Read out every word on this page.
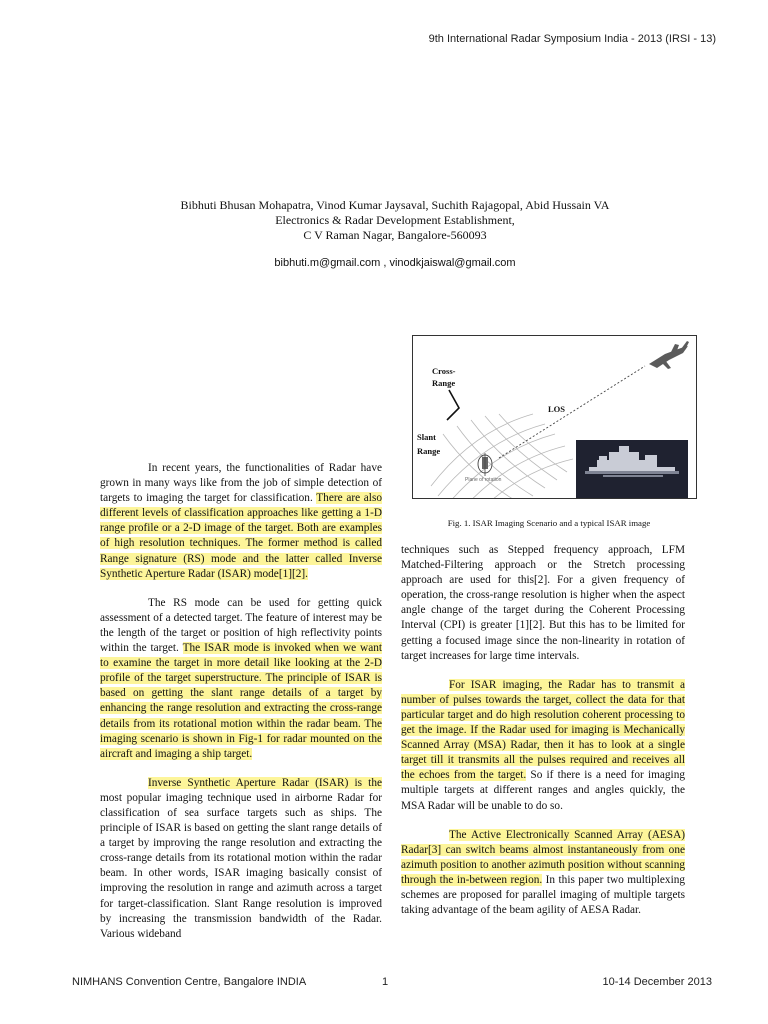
9th International Radar Symposium India - 2013 (IRSI - 13)
Bibhuti Bhusan Mohapatra, Vinod Kumar Jaysaval, Suchith Rajagopal, Abid Hussain VA
Electronics & Radar Development Establishment,
C V Raman Nagar, Bangalore-560093
bibhuti.m@gmail.com , vinodkjaiswal@gmail.com
Plane of rotation
Cross-
Range
LOS
Slant
Range
Fig. 1. ISAR Imaging Scenario and a typical ISAR image

In recent years, the functionalities of Radar have grown in many ways like from the job of simple detection of targets to imaging the target for classification. There are also different levels of classification approaches like getting a 1-D range profile or a 2-D image of the target. Both are examples of high resolution techniques. The former method is called Range signature (RS) mode and the latter called Inverse Synthetic Aperture Radar (ISAR) mode[1][2].

The RS mode can be used for getting quick assessment of a detected target. The feature of interest may be the length of the target or position of high reflectivity points within the target. The ISAR mode is invoked when we want to examine the target in more detail like looking at the 2-D profile of the target superstructure. The principle of ISAR is based on getting the slant range details of a target by enhancing the range resolution and extracting the cross-range details from its rotational motion within the radar beam. The imaging scenario is shown in Fig-1 for radar mounted on the aircraft and imaging a ship target.

Inverse Synthetic Aperture Radar (ISAR) is the most popular imaging technique used in airborne Radar for classification of sea surface targets such as ships. The principle of ISAR is based on getting the slant range details of a target by improving the range resolution and extracting the cross-range details from its rotational motion within the radar beam. In other words, ISAR imaging basically consist of improving the resolution in range and azimuth across a target for target-classification. Slant Range resolution is improved by increasing the transmission bandwidth of the Radar. Various wideband

techniques such as Stepped frequency approach, LFM Matched-Filtering approach or the Stretch processing approach are used for this[2]. For a given frequency of operation, the cross-range resolution is higher when the aspect angle change of the target during the Coherent Processing Interval (CPI) is greater [1][2]. But this has to be limited for getting a focused image since the non-linearity in rotation of target increases for large time intervals.

For ISAR imaging, the Radar has to transmit a number of pulses towards the target, collect the data for that particular target and do high resolution coherent processing to get the image. If the Radar used for imaging is Mechanically Scanned Array (MSA) Radar, then it has to look at a single target till it transmits all the pulses required and receives all the echoes from the target. So if there is a need for imaging multiple targets at different ranges and angles quickly, the MSA Radar will be unable to do so.

The Active Electronically Scanned Array (AESA) Radar[3] can switch beams almost instantaneously from one azimuth position to another azimuth position without scanning through the in-between region. In this paper two multiplexing schemes are proposed for parallel imaging of multiple targets taking advantage of the beam agility of AESA Radar.

NIMHANS Convention Centre, Bangalore INDIA	1	10-14 December 2013
